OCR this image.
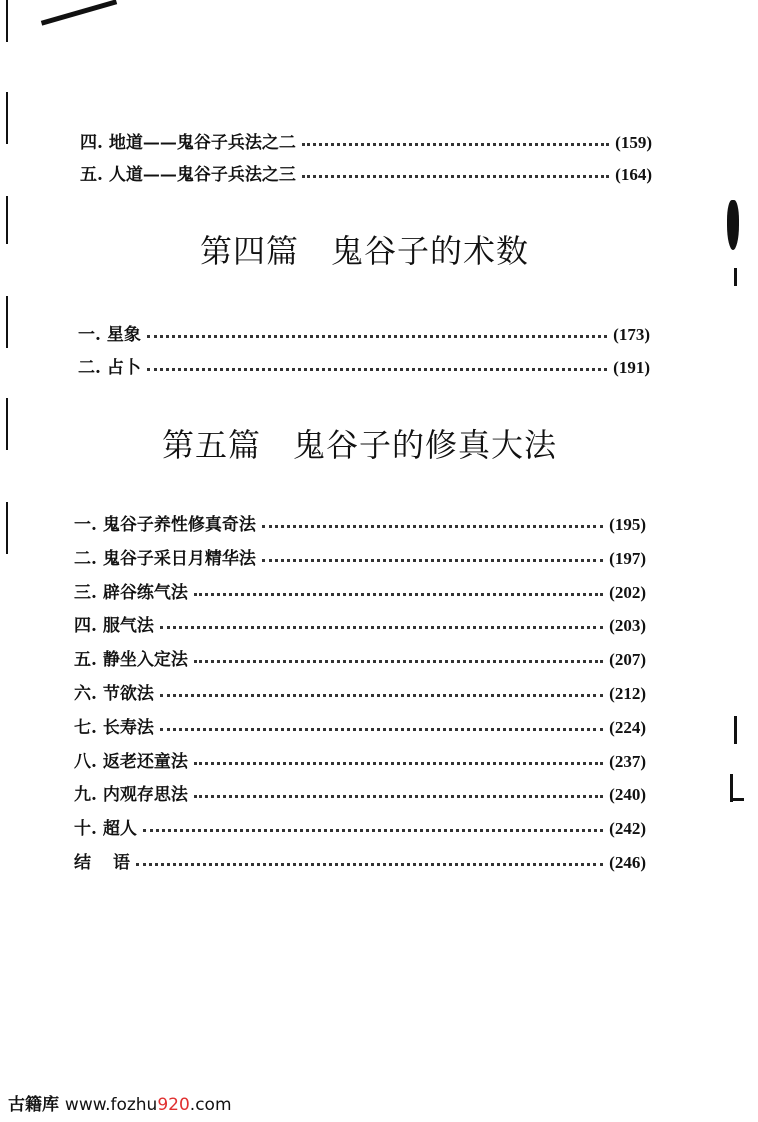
四. 地道——鬼谷子兵法之二	(159)
五. 人道——鬼谷子兵法之三	(164)
第四篇 鬼谷子的术数
一. 星象	(173)
二. 占卜	(191)
第五篇 鬼谷子的修真大法
一. 鬼谷子养性修真奇法	(195)
二. 鬼谷子采日月精华法	(197)
三. 辟谷练气法	(202)
四. 服气法	(203)
五. 静坐入定法	(207)
六. 节欲法	(212)
七. 长寿法	(224)
八. 返老还童法	(237)
九. 内观存思法	(240)
十. 超人	(242)
结	语	(246)
古籍库 www.fozhu920.com
